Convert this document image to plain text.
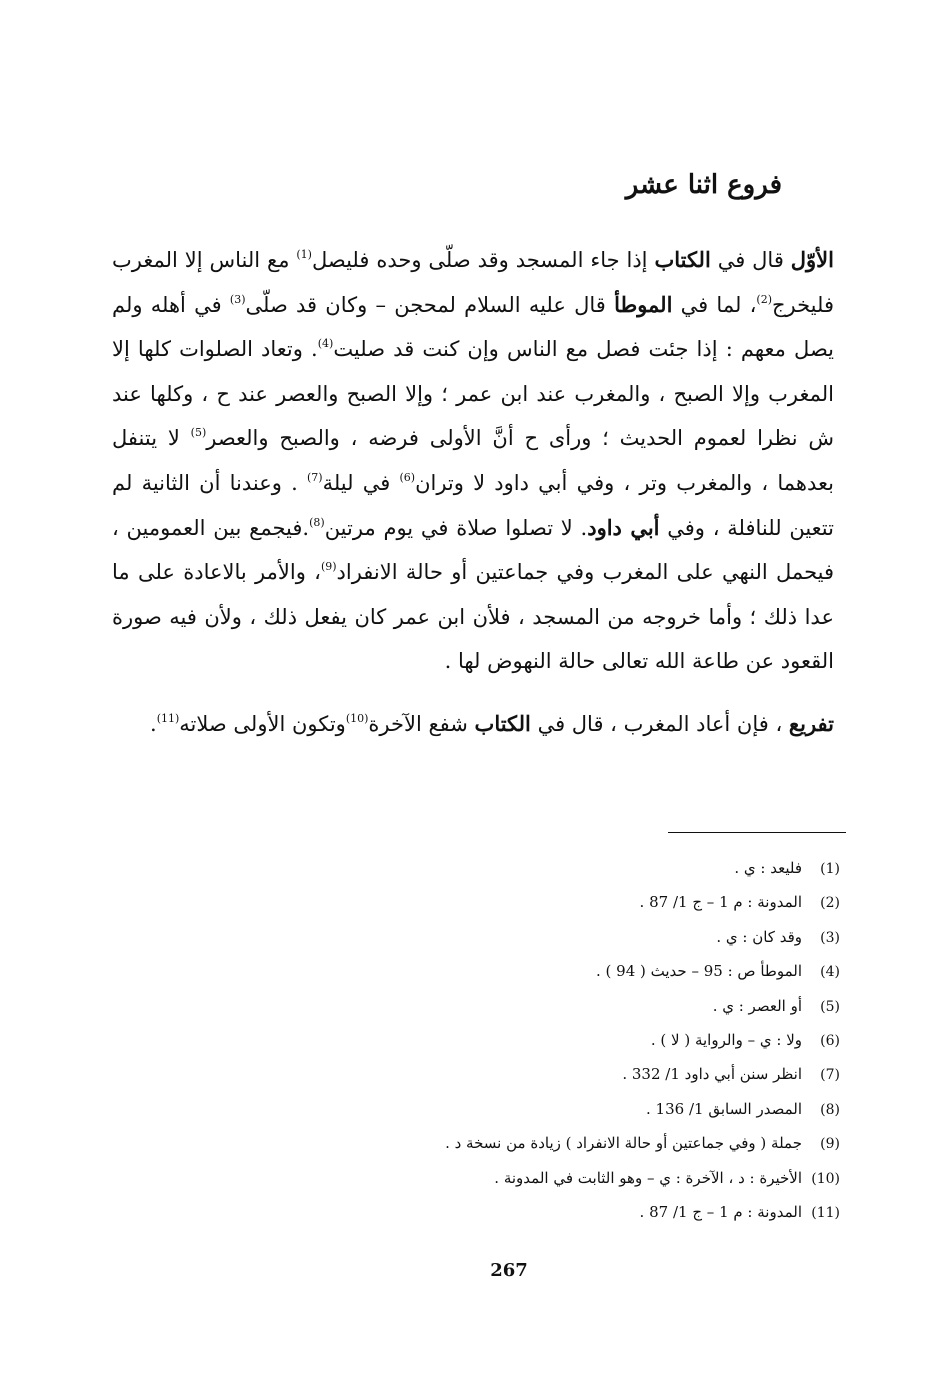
فروع اثنا عشر

الأوّل قال في الكتاب إذا جاء المسجد وقد صلّى وحده فليصل$^{(1)}$ مع الناس إلا المغرب فليخرج$^{(2)}$، لما في الموطأ قال عليه السلام لمحجن – وكان قد صلّى$^{(3)}$ في أهله ولم يصل معهم : إذا جئت فصل مع الناس وإن كنت قد صليت$^{(4)}$. وتعاد الصلوات كلها إلا المغرب وإلا الصبح ، والمغرب عند ابن عمر ؛ وإلا الصبح والعصر عند ح ، وكلها عند ش نظرا لعموم الحديث ؛ ورأى ح أنَّ الأولى فرضه ، والصبح والعصر$^{(5)}$ لا يتنفل بعدهما ، والمغرب وتر ، وفي أبي داود لا وتران$^{(6)}$ في ليلة$^{(7)}$ . وعندنا أن الثانية لم تتعين للنافلة ، وفي أبي داود. لا تصلوا صلاة في يوم مرتين$^{(8)}$.فيجمع بين العمومين ، فيحمل النهي على المغرب وفي جماعتين أو حالة الانفراد$^{(9)}$، والأمر بالاعادة على ما عدا ذلك ؛ وأما خروجه من المسجد ، فلأن ابن عمر كان يفعل ذلك ، ولأن فيه صورة القعود عن طاعة الله تعالى حالة النهوض لها .

تفريع ، فإن أعاد المغرب ، قال في الكتاب شفع الآخرة$^{(10)}$وتكون الأولى صلاته$^{(11)}$.

(1)
فليعد : ي .
(2)
المدونة : م 1 – ج 1/ 87 .
(3)
وقد كان : ي .
(4)
الموطأ ص : 95 – حديث ( 94 ) .
(5)
أو العصر : ي .
(6)
ولا : ي – والرواية ( لا ) .
(7)
انظر سنن أبي داود 1/ 332 .
(8)
المصدر السابق 1/ 136 .
(9)
جملة ( وفي جماعتين أو حالة الانفراد ) زيادة من نسخة د .
(10)
الأخيرة : د ، الآخرة : ي – وهو الثابت في المدونة .
(11)
المدونة : م 1 – ج 1/ 87 .
267
